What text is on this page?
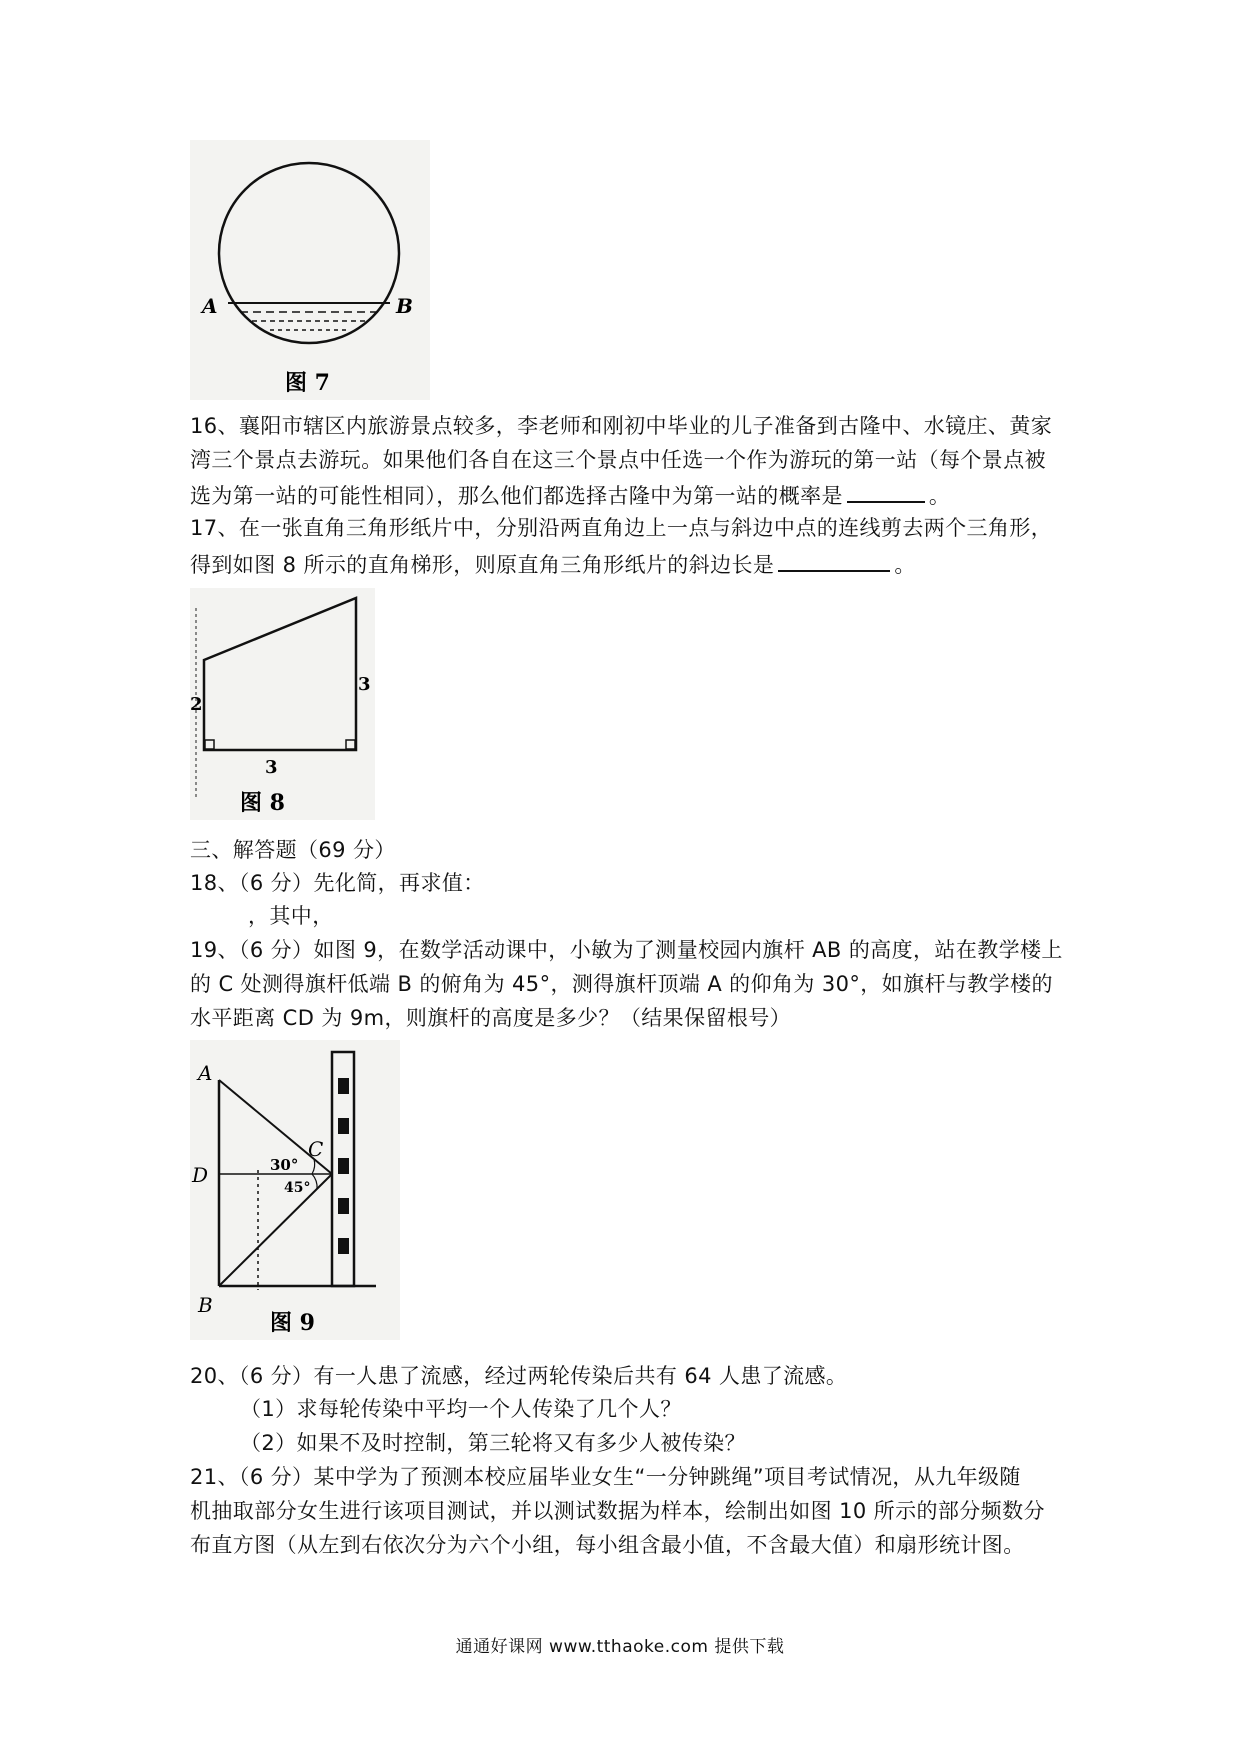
A	B
图 7
16、襄阳市辖区内旅游景点较多，李老师和刚初中毕业的儿子准备到古隆中、水镜庄、黄家
湾三个景点去游玩。如果他们各自在这三个景点中任选一个作为游玩的第一站（每个景点被
选为第一站的可能性相同），那么他们都选择古隆中为第一站的概率是	。
17、在一张直角三角形纸片中，分别沿两直角边上一点与斜边中点的连线剪去两个三角形，
得到如图 8 所示的直角梯形，则原直角三角形纸片的斜边长是	。
2
3
3
图 8
三、解答题（69 分）
18、（6 分）先化简，再求值：
，其中，
19、（6 分）如图 9，在数学活动课中，小敏为了测量校园内旗杆 AB 的高度，站在教学楼上
的 C 处测得旗杆低端 B 的俯角为 45°，测得旗杆顶端 A 的仰角为 30°，如旗杆与教学楼的
水平距离 CD 为 9m，则旗杆的高度是多少？（结果保留根号）
A
D
B
C
30°
45°
图 9
20、（6 分）有一人患了流感，经过两轮传染后共有 64 人患了流感。
（1）求每轮传染中平均一个人传染了几个人？
（2）如果不及时控制，第三轮将又有多少人被传染？
21、（6 分）某中学为了预测本校应届毕业女生“一分钟跳绳”项目考试情况，从九年级随
机抽取部分女生进行该项目测试，并以测试数据为样本，绘制出如图 10 所示的部分频数分
布直方图（从左到右依次分为六个小组，每小组含最小值，不含最大值）和扇形统计图。
通通好课网 www.tthaoke.com 提供下载
